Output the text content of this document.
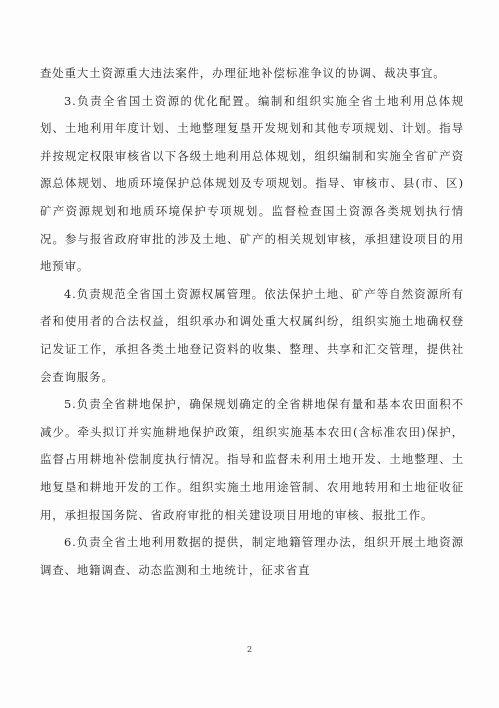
查处重大土资源重大违法案件，办理征地补偿标准争议的协调、裁决事宜。

3.负责全省国土资源的优化配置。编制和组织实施全省土地利用总体规划、土地利用年度计划、土地整理复垦开发规划和其他专项规划、计划。指导并按规定权限审核省以下各级土地利用总体规划，组织编制和实施全省矿产资源总体规划、地质环境保护总体规划及专项规划。指导、审核市、县(市、区)矿产资源规划和地质环境保护专项规划。监督检查国土资源各类规划执行情况。参与报省政府审批的涉及土地、矿产的相关规划审核，承担建设项目的用地预审。

4.负责规范全省国土资源权属管理。依法保护土地、矿产等自然资源所有者和使用者的合法权益，组织承办和调处重大权属纠纷，组织实施土地确权登记发证工作，承担各类土地登记资料的收集、整理、共享和汇交管理，提供社会查询服务。

5.负责全省耕地保护，确保规划确定的全省耕地保有量和基本农田面积不减少。牵头拟订并实施耕地保护政策，组织实施基本农田(含标准农田)保护，监督占用耕地补偿制度执行情况。指导和监督未利用土地开发、土地整理、土地复垦和耕地开发的工作。组织实施土地用途管制、农用地转用和土地征收征用，承担报国务院、省政府审批的相关建设项目用地的审核、报批工作。

6.负责全省土地利用数据的提供，制定地籍管理办法，组织开展土地资源调查、地籍调查、动态监测和土地统计，征求省直

2
